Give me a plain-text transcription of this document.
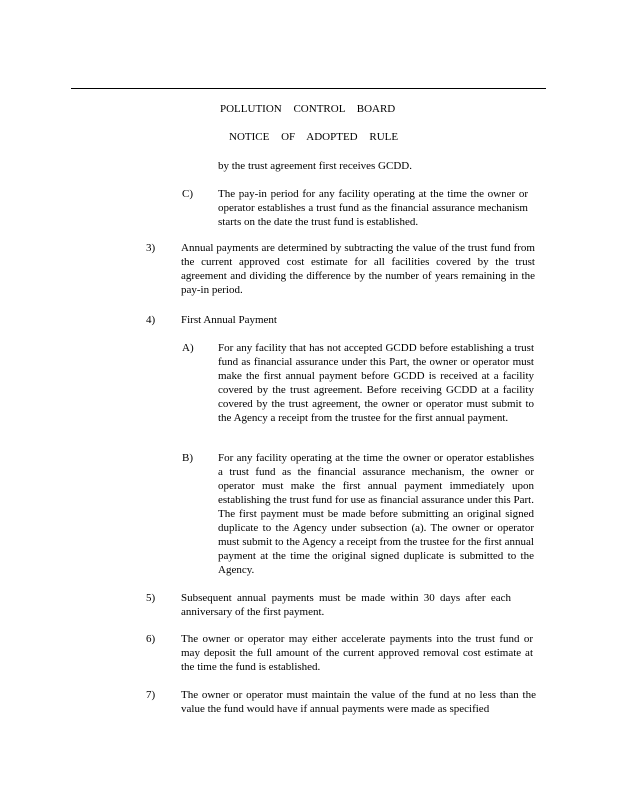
POLLUTION CONTROL BOARD
NOTICE OF ADOPTED RULE
by the trust agreement first receives GCDD.
C) The pay-in period for any facility operating at the time the owner or operator establishes a trust fund as the financial assurance mechanism starts on the date the trust fund is established.
3) Annual payments are determined by subtracting the value of the trust fund from the current approved cost estimate for all facilities covered by the trust agreement and dividing the difference by the number of years remaining in the pay-in period.
4) First Annual Payment
A) For any facility that has not accepted GCDD before establishing a trust fund as financial assurance under this Part, the owner or operator must make the first annual payment before GCDD is received at a facility covered by the trust agreement. Before receiving GCDD at a facility covered by the trust agreement, the owner or operator must submit to the Agency a receipt from the trustee for the first annual payment.
B) For any facility operating at the time the owner or operator establishes a trust fund as the financial assurance mechanism, the owner or operator must make the first annual payment immediately upon establishing the trust fund for use as financial assurance under this Part. The first payment must be made before submitting an original signed duplicate to the Agency under subsection (a). The owner or operator must submit to the Agency a receipt from the trustee for the first annual payment at the time the original signed duplicate is submitted to the Agency.
5) Subsequent annual payments must be made within 30 days after each anniversary of the first payment.
6) The owner or operator may either accelerate payments into the trust fund or may deposit the full amount of the current approved removal cost estimate at the time the fund is established.
7) The owner or operator must maintain the value of the fund at no less than the value the fund would have if annual payments were made as specified
